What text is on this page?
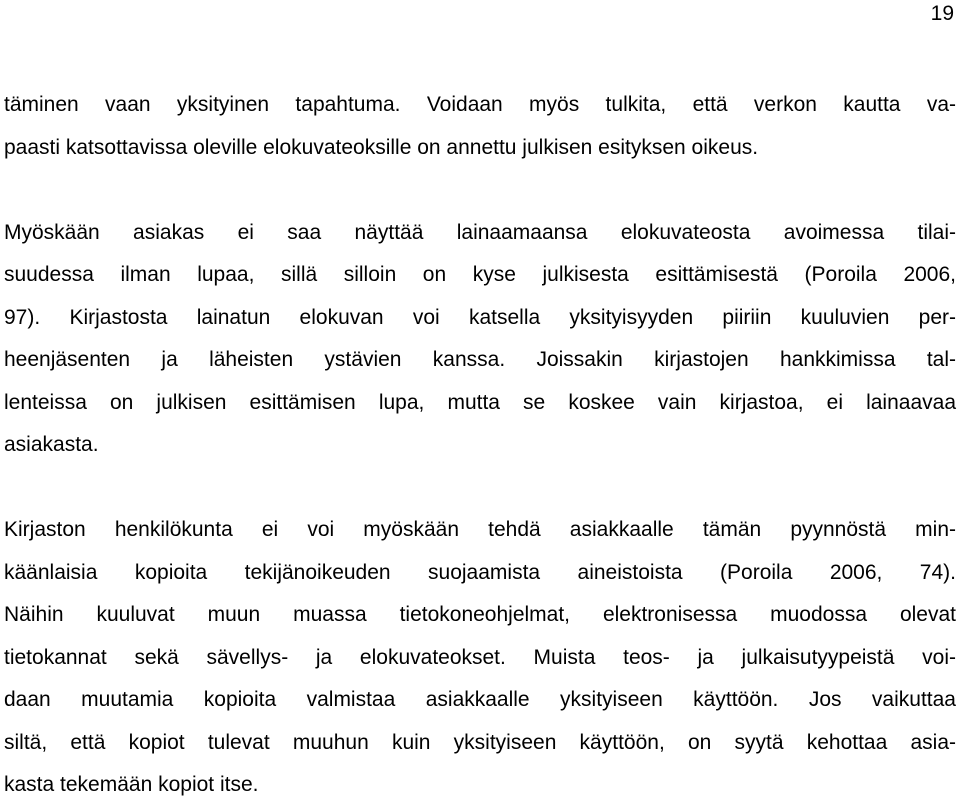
19
täminen vaan yksityinen tapahtuma. Voidaan myös tulkita, että verkon kautta va-
paasti katsottavissa oleville elokuvateoksille on annettu julkisen esityksen oikeus.
Myöskään asiakas ei saa näyttää lainaamaansa elokuvateosta avoimessa tilai-
suudessa ilman lupaa, sillä silloin on kyse julkisesta esittämisestä (Poroila 2006,
97). Kirjastosta lainatun elokuvan voi katsella yksityisyyden piiriin kuuluvien per-
heenjäsenten ja läheisten ystävien kanssa. Joissakin kirjastojen hankkimissa tal-
lenteissa on julkisen esittämisen lupa, mutta se koskee vain kirjastoa, ei lainaavaa
asiakasta.
Kirjaston henkilökunta ei voi myöskään tehdä asiakkaalle tämän pyynnöstä min-
käänlaisia kopioita tekijänoikeuden suojaamista aineistoista (Poroila 2006, 74).
Näihin kuuluvat muun muassa tietokoneohjelmat, elektronisessa muodossa olevat
tietokannat sekä sävellys- ja elokuvateokset. Muista teos- ja julkaisutyypeistä voi-
daan muutamia kopioita valmistaa asiakkaalle yksityiseen käyttöön. Jos vaikuttaa
siltä, että kopiot tulevat muuhun kuin yksityiseen käyttöön, on syytä kehottaa asia-
kasta tekemään kopiot itse.
